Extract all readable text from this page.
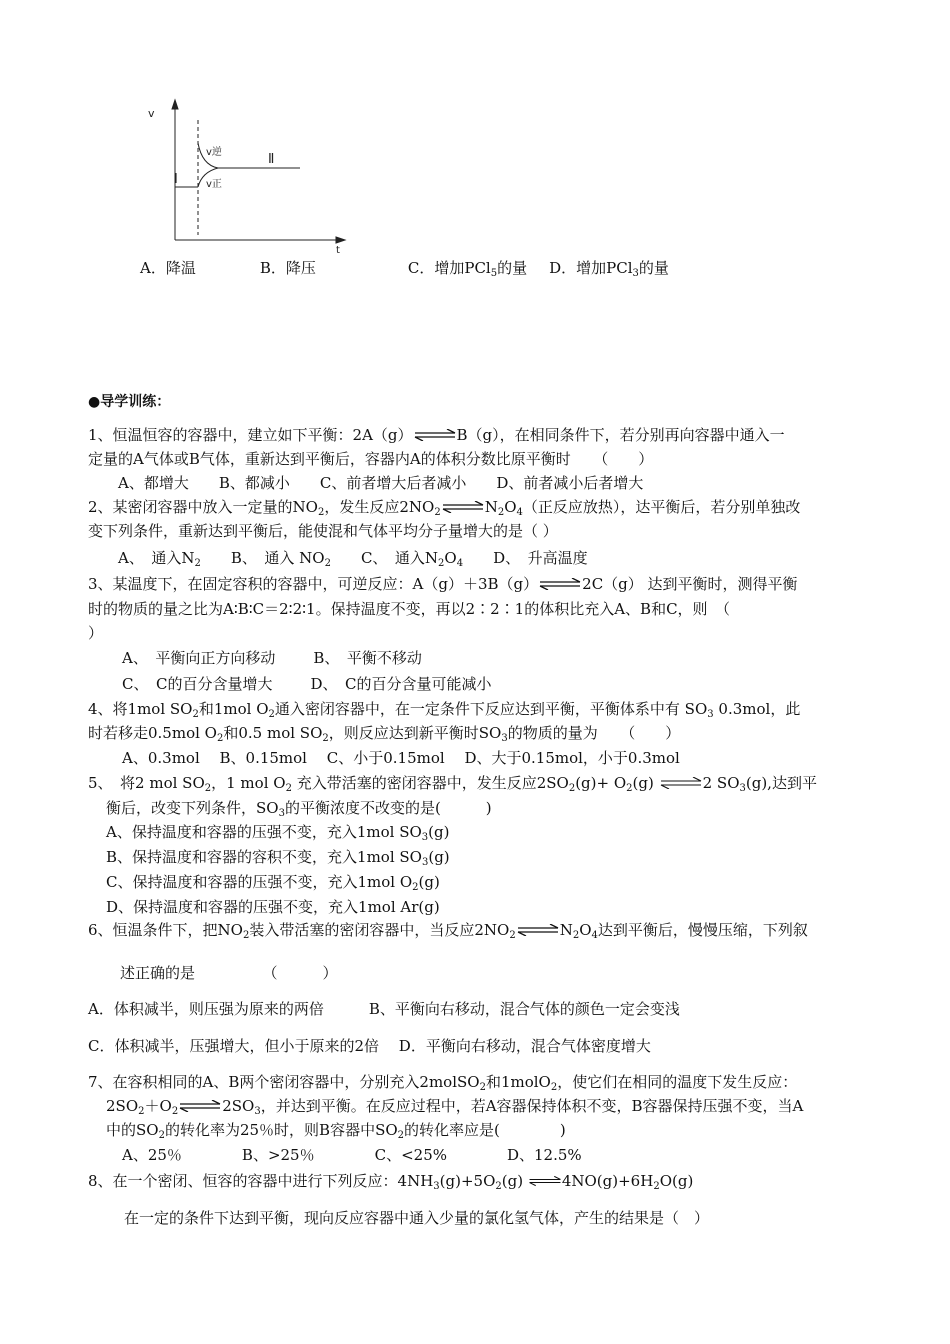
v
t
Ⅰ
Ⅱ
v逆
v正
A．降温	B．降压	C．增加PCl$_5$的量 D．增加PCl$_3$的量
●导学训练：
1、恒温恒容的容器中，建立如下平衡：2A（g）⇌B（g），在相同条件下，若分别再向容器中通入一
定量的A气体或B气体，重新达到平衡后，容器内A的体积分数比原平衡时　　（　　）
A、都增大　　B、都减小　　C、前者增大后者减小　　D、前者减小后者增大
2、某密闭容器中放入一定量的$NO_2$，发生反应$2NO_2\rightleftharpoons N_2O_4$（正反应放热），达平衡后，若分别单独改
变下列条件，重新达到平衡后，能使混和气体平均分子量增大的是（ ）
A、　通入$N_2$ B、　通入 $NO_2$ C、　通入$N_2O_4$ D、　升高温度
3、某温度下，在固定容积的容器中，可逆反应：A（g）＋3B（g）⇌2C（g） 达到平衡时，测得平衡
时的物质的量之比为A∶B∶C＝2∶2∶1。保持温度不变，再以2∶2∶1的体积比充入A、B和C，则　（
）
A、　平衡向正方向移动	B、　平衡不移动
C、　C的百分含量增大	D、　C的百分含量可能减小
4、将1mol $SO_2$和1mol $O_2$通入密闭容器中，在一定条件下反应达到平衡，平衡体系中有 $SO_3$ 0.3mol，此
时若移走0.5mol $O_2$和0.5 mol $SO_2$，则反应达到新平衡时$SO_3$的物质的量为　　（　　）
A、0.3mol　 B、0.15mol　 C、小于0.15mol　 D、大于0.15mol，小于0.3mol
5、　将2 mol $SO_2$，1 mol $O_2$ 充入带活塞的密闭容器中，发生反应$2SO_2(g)+ O_2(g)$ ⇌2 $SO_3(g)$,达到平
衡后，改变下列条件，$SO_3$的平衡浓度不改变的是(　　　)
A、保持温度和容器的压强不变，充入1mol $SO_3(g)$
B、保持温度和容器的容积不变，充入1mol $SO_3(g)$
C、保持温度和容器的压强不变，充入1mol $O_2(g)$
D、保持温度和容器的压强不变，充入1mol Ar(g)
6、恒温条件下，把$NO_2$装入带活塞的密闭容器中，当反应$2NO_2\rightleftharpoons N_2O_4$达到平衡后，慢慢压缩，下列叙
述正确的是　　　　　（　　　）
A．体积减半，则压强为原来的两倍　　　B、平衡向右移动，混合气体的颜色一定会变浅
C．体积减半，压强增大，但小于原来的2倍　 D．平衡向右移动，混合气体密度增大
7、在容积相同的A、B两个密闭容器中，分别充入2molSO$_2$和1molO$_2$，使它们在相同的温度下发生反应：
$2SO_2+O_2\rightleftharpoons 2SO_3$，并达到平衡。在反应过程中，若A容器保持体积不变，B容器保持压强不变，当A
中的$SO_2$的转化率为25％时，则B容器中$SO_2$的转化率应是(　　　　)
A、25％　　　　B、>25％　　　　C、<25%　　　　D、12.5%
8、在一个密闭、恒容的容器中进行下列反应：$4NH_3(g)+5O_2(g)$ $\rightleftharpoons 4NO(g)+6H_2O(g)$
在一定的条件下达到平衡，现向反应容器中通入少量的氯化氢气体，产生的结果是（　）
